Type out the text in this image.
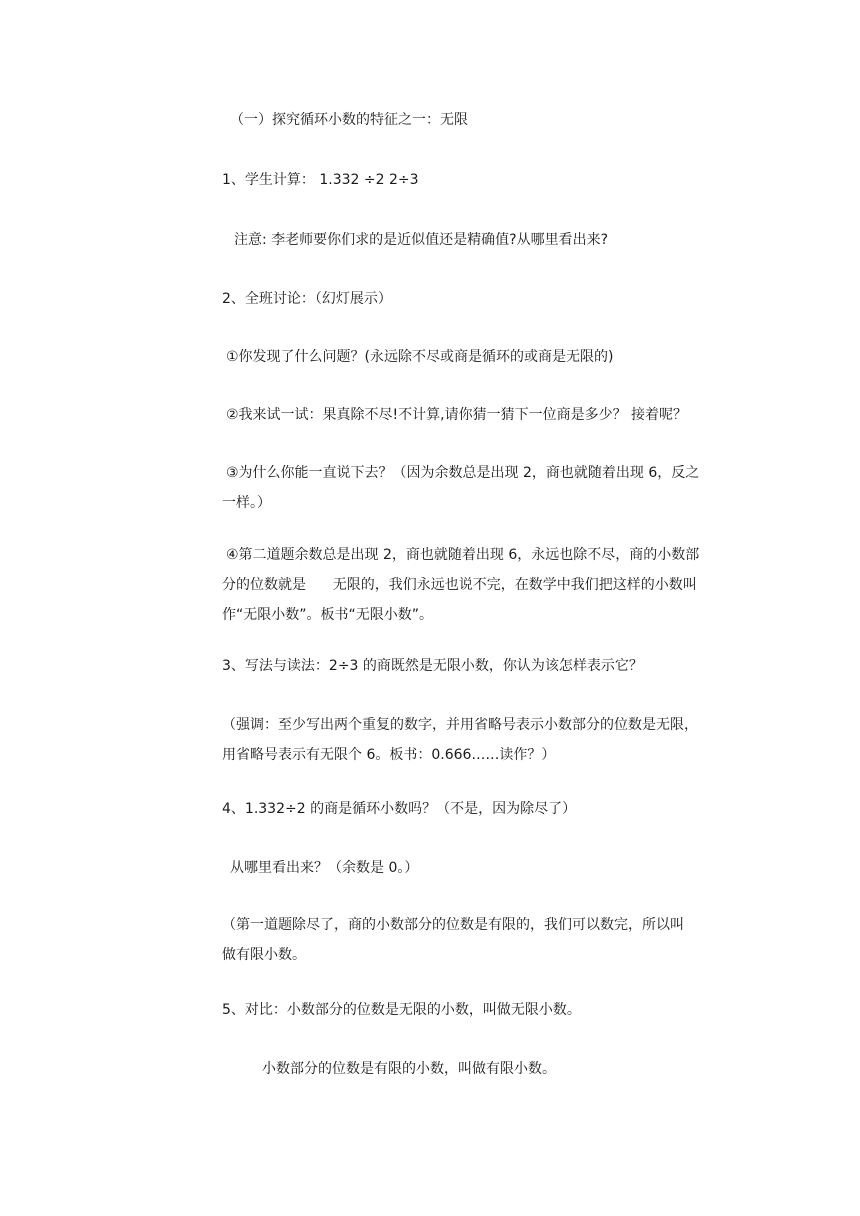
（一）探究循环小数的特征之一：无限
1、学生计算： 1.332 ÷2 2÷3
注意: 李老师要你们求的是近似值还是精确值?从哪里看出来?
2、全班讨论：（幻灯展示）
①你发现了什么问题？(永远除不尽或商是循环的或商是无限的)
②我来试一试：果真除不尽!不计算,请你猜一猜下一位商是多少？ 接着呢？
③为什么你能一直说下去？（因为余数总是出现 2，商也就随着出现 6，反之
一样。）
④第二道题余数总是出现 2，商也就随着出现 6，永远也除不尽，商的小数部
分的位数就是      无限的，我们永远也说不完，在数学中我们把这样的小数叫
作“无限小数”。板书“无限小数”。
3、写法与读法：2÷3 的商既然是无限小数，你认为该怎样表示它？
（强调：至少写出两个重复的数字，并用省略号表示小数部分的位数是无限，
用省略号表示有无限个 6。板书：0.666……读作？）
4、1.332÷2 的商是循环小数吗？（不是，因为除尽了）
从哪里看出来？（余数是 0。）
（第一道题除尽了，商的小数部分的位数是有限的，我们可以数完，所以叫
做有限小数。
5、对比：小数部分的位数是无限的小数，叫做无限小数。
小数部分的位数是有限的小数，叫做有限小数。
